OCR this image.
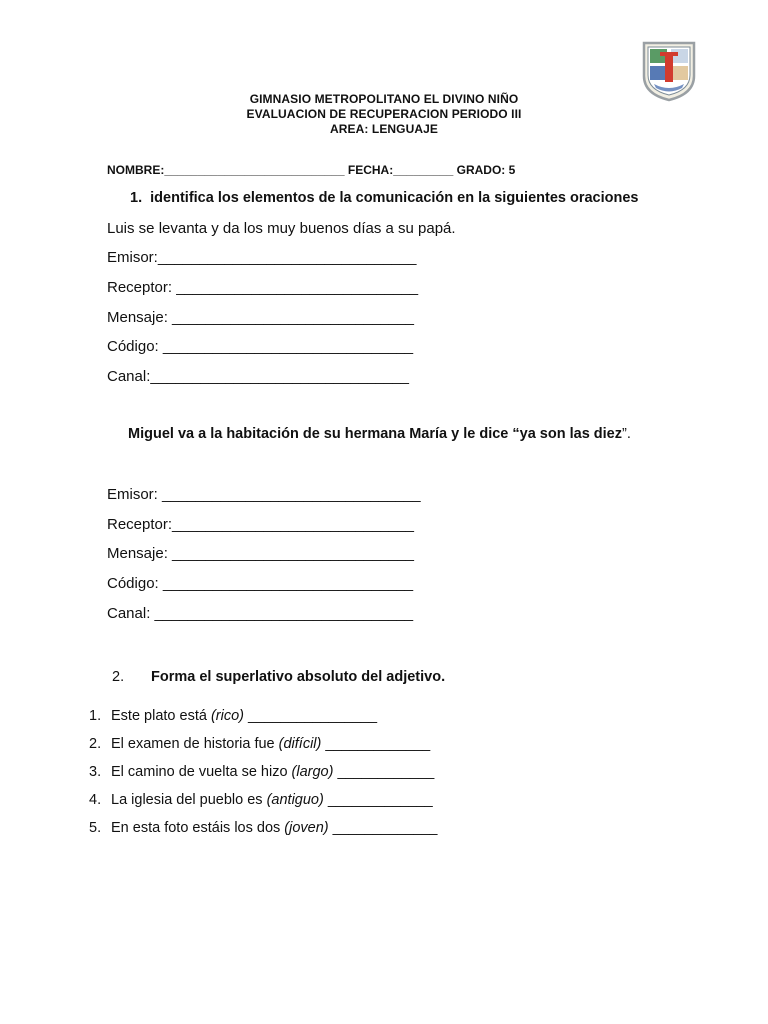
GIMNASIO METROPOLITANO EL DIVINO NIÑO
EVALUACION DE RECUPERACION PERIODO III
AREA: LENGUAJE
NOMBRE:___________________________ FECHA:_________ GRADO: 5
1. identifica los elementos de la comunicación en la siguientes oraciones
Luis se levanta y da los muy buenos días a su papá.
Emisor:_______________________________
Receptor: _____________________________
Mensaje: _____________________________
Código: ______________________________
Canal:_______________________________
Miguel va a la habitación de su hermana María y le dice “ya son las diez”.
Emisor: _______________________________
Receptor:_____________________________
Mensaje: _____________________________
Código: ______________________________
Canal: _______________________________
2. Forma el superlativo absoluto del adjetivo.
1. Este plato está (rico) ________________
2. El examen de historia fue (difícil) _____________
3. El camino de vuelta se hizo (largo) ____________
4. La iglesia del pueblo es (antiguo) _____________
5. En esta foto estáis los dos (joven) _____________
